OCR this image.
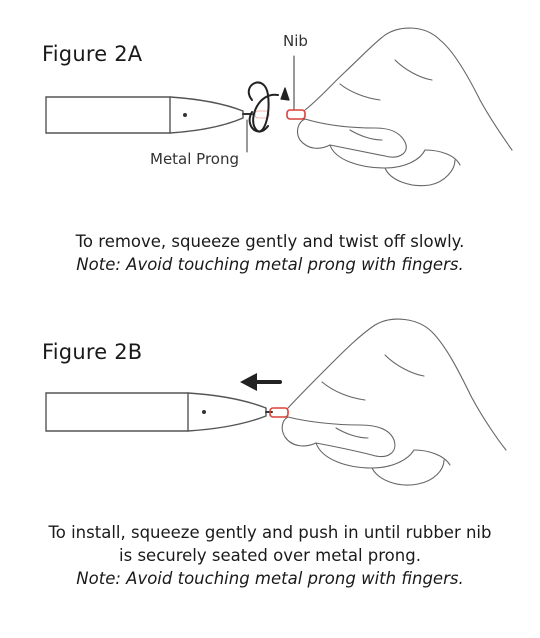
Figure 2A
Nib
Metal Prong
To remove, squeeze gently and twist off slowly.
Note: Avoid touching metal prong with fingers.
Figure 2B
To install, squeeze gently and push in until rubber nib
is securely seated over metal prong.
Note: Avoid touching metal prong with fingers.
